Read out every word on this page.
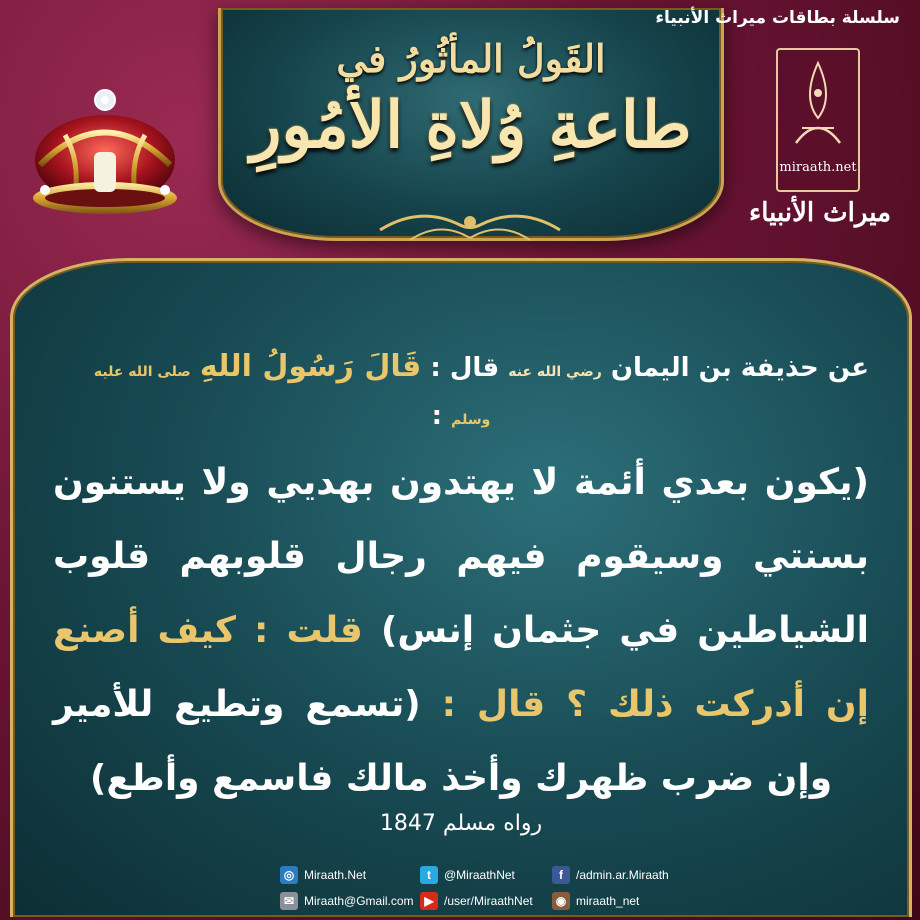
القَولُ المأثُورُ في
طاعةِ وُلاةِ الأمُورِ
سلسلة بطاقات ميراث الأنبياء
miraath.net
ميراث الأنبياء
عن حذيفة بن اليمان رضي الله عنه قال : قَالَ رَسُولُ اللهِ صلى الله عليه وسلم :
(يكون بعدي أئمة لا يهتدون بهديي ولا يستنون بسنتي وسيقوم فيهم رجال قلوبهم قلوب الشياطين في جثمان إنس) قلت : كيف أصنع إن أدركت ذلك ؟ قال : (تسمع وتطيع للأمير وإن ضرب ظهرك وأخذ مالك فاسمع وأطع)
رواه مسلم 1847
◎ Miraath.Net	t	@MiraathNet	f	/admin.ar.Miraath
✉ Miraath@Gmail.com ▶ /user/MiraathNet	◉ miraath_net
